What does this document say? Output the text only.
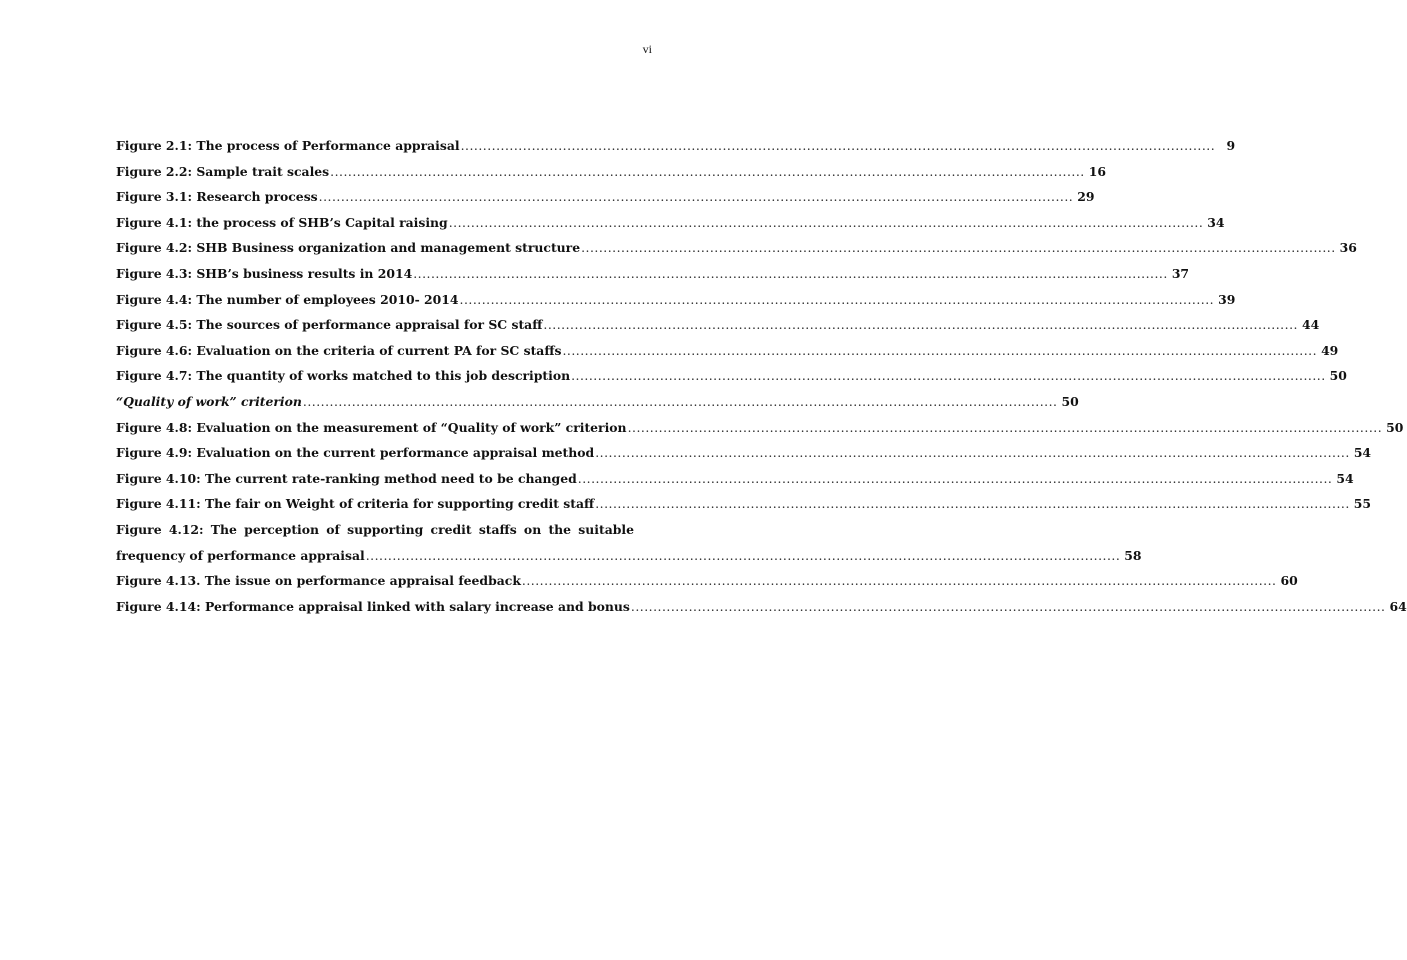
vi
Figure 2.1: The process of Performance appraisal .....	9
Figure 2.2: Sample trait scales .....	16
Figure 3.1: Research process .....	29
Figure 4.1: the process of SHB’s Capital raising .....	34
Figure 4.2: SHB Business organization and management structure .....	36
Figure 4.3: SHB’s business results in 2014 .....	37
Figure 4.4: The number of employees 2010- 2014 .....	39
Figure 4.5: The sources of performance appraisal for SC staff .....	44
Figure 4.6: Evaluation on the criteria of current PA for SC staffs .....	49
Figure 4.7: The quantity of works matched to this job description .....	50
“Quality of work” criterion .....	50
Figure 4.8: Evaluation on the measurement of “Quality of work” criterion .....	50
Figure 4.9: Evaluation on the current performance appraisal method .....	54
Figure 4.10: The current rate-ranking method need to be changed .....	54
Figure 4.11: The fair on Weight of criteria for supporting credit staff .....	55
Figure 4.12: The perception of supporting credit staffs on the suitable
frequency of performance appraisal .....	58
Figure 4.13. The issue on performance appraisal feedback .....	60
Figure 4.14: Performance appraisal linked with salary increase and bonus .....	64
